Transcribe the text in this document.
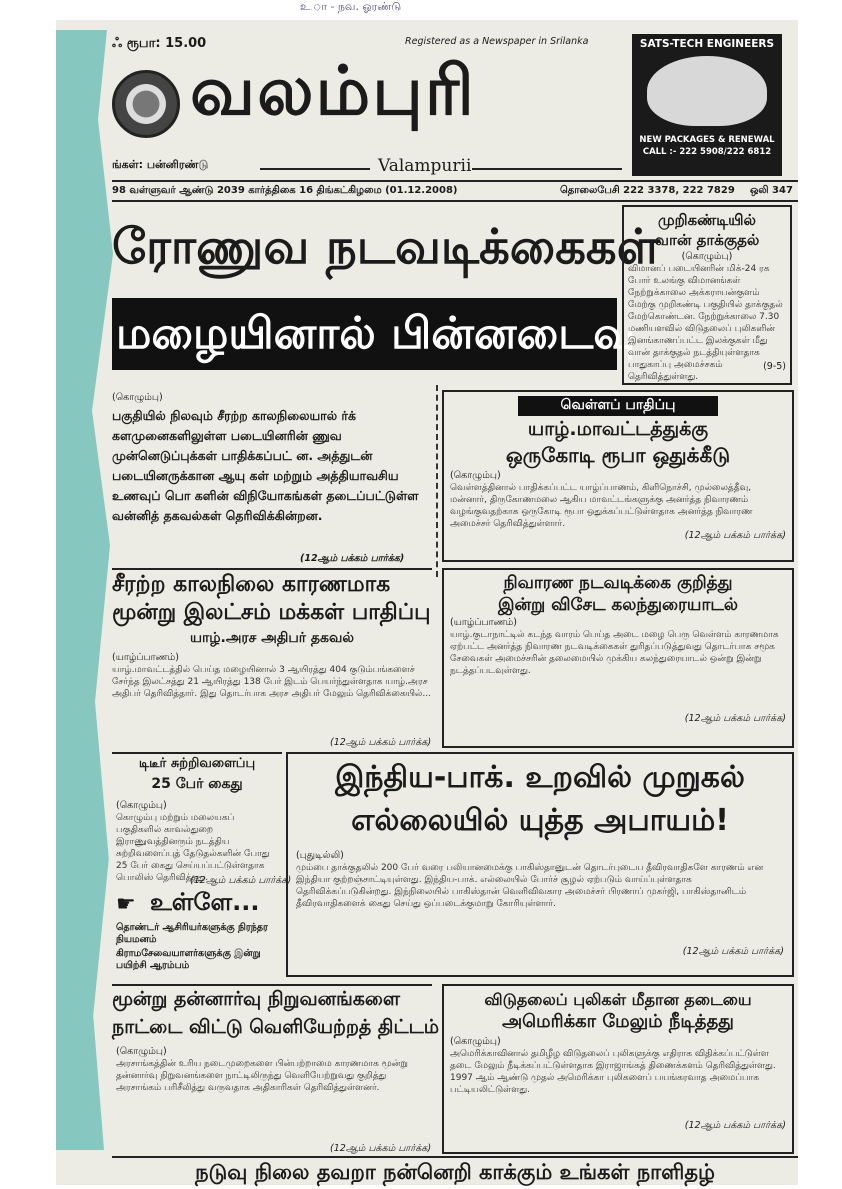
உ.ா - நவ. ஓரண்டு
ஃ ரூபா: 15.00	Registered as a Newspaper in Srilanka
வலம்புரி
ங்கள்: பன்னிரண்டு	Valampurii
SATS-TECH ENGINEERS
NEW PACKAGES & RENEWAL
CALL :- 222 5908/222 6812
98 வள்ளுவர் ஆண்டு 2039 கார்த்திகை 16 திங்கட்கிழமை (01.12.2008)	தொலைபேசி 222 3378, 222 7829 ஒலி 347
ரோணுவ நடவடிக்கைகள்
மழையினால் பின்னடைவு
(கொழும்பு)
பகுதியில் நிலவும் சீரற்ற காலநிலையால் ர்க் களமுனைகளிலுள்ள படையினரின் ணுவ முன்னெடுப்புக்கள் பாதிக்கப்பட் ன. அத்துடன் படையினருக்கான ஆயு கள் மற்றும் அத்தியாவசிய உணவுப் பொ களின் விநியோகங்கள் தடைப்பட்டுள்ள வன்னித் தகவல்கள் தெரிவிக்கின்றன.
(12ஆம் பக்கம் பார்க்க)
முறிகண்டியில்
வான் தாக்குதல்
(கொழும்பு)
விமானப் படையினரின் மிக்-24 ரக போர் உலங்கு விமானங்கள் நேற்றுக்காலை அக்கராயன்குளம் மேற்கு முறிகண்டி பகுதியில் தாக்குதல் மேற்கொண்டன. நேற்றுக்காலை 7.30 மணியளவில் விடுதலைப் புலிகளின் இனங்காணப்பட்ட இலக்குகள் மீது வான் தாக்குதல் நடத்தியுள்ளதாக பாதுகாப்பு அமைச்சகம் தெரிவித்துள்ளது.
(9-5)
வெள்ளப் பாதிப்பு
யாழ்.மாவட்டத்துக்கு
ஒருகோடி ரூபா ஒதுக்கீடு
(கொழும்பு)
வெள்ளத்தினால் பாதிக்கப்பட்ட யாழ்ப்பாணம், கிளிநொச்சி, முல்லைத்தீவு, மன்னார், திருகோணமலை ஆகிய மாவட்டங்களுக்கு அனர்த்த நிவாரணம் வழங்குவதற்காக ஒருகோடி ரூபா ஒதுக்கப்பட்டுள்ளதாக அனர்த்த நிவாரண அமைச்சர் தெரிவித்துள்ளார்.
(12ஆம் பக்கம் பார்க்க)
சீரற்ற காலநிலை காரணமாக
மூன்று இலட்சம் மக்கள் பாதிப்பு
யாழ்.அரச அதிபர் தகவல்
(யாழ்ப்பாணம்)
யாழ்.மாவட்டத்தில் பெய்த மழையினால் 3 ஆயிரத்து 404 குடும்பங்களைச் சேர்ந்த இலட்சத்து 21 ஆயிரத்து 138 பேர் இடம் பெயர்ந்துள்ளதாக யாழ்.அரச அதிபர் தெரிவித்தார். இது தொடர்பாக அரச அதிபர் மேலும் தெரிவிக்கையில்...
(12ஆம் பக்கம் பார்க்க)
நிவாரண நடவடிக்கை குறித்து
இன்று விசேட கலந்துரையாடல்
(யாழ்ப்பாணம்)
யாழ்.குடாநாட்டில் கடந்த வாரம் பெய்த அடை மழை பெரு வெள்ளம் காரணமாக ஏற்பட்ட அனர்த்த நிவாரண நடவடிக்கைகள் துரிதப்படுத்துவது தொடர்பாக சமூக சேவைகள் அமைச்சரின் தலைமையில் முக்கிய கலந்துரையாடல் ஒன்று இன்று நடத்தப்படவுள்ளது.
(12ஆம் பக்கம் பார்க்க)
டிடீர் சுற்றிவளைப்பு
25 பேர் கைது
(கொழும்பு)
கொழும்பு மற்றும் மலையகப் பகுதிகளில் காவல்துறை இராணுவத்தினரும் நடத்திய சுற்றிவளைப்புத் தேடுதல்களின் போது 25 பேர் கைது செய்யப்பட்டுள்ளதாக பொலிஸ் தெரிவித்தது.
(12ஆம் பக்கம் பார்க்க)
☛ உள்ளே...
தொண்டர் ஆசிரியர்களுக்கு நிரந்தர நியமனம்
கிராமசேவையாளர்களுக்கு இன்று பயிற்சி ஆரம்பம்
இந்திய-பாக். உறவில் முறுகல்
எல்லையில் யுத்த அபாயம்!
(புதுடில்லி)
மும்பை தாக்குதலில் 200 பேர் வரை பலியானமைக்கு பாகிஸ்தானுடன் தொடர்புடைய தீவிரவாதிகளே காரணம் என இந்தியா குற்றஞ்சாட்டியுள்ளது. இந்திய-பாக். எல்லையில் போர்ச் சூழல் ஏற்படும் வாய்ப்புள்ளதாக தெரிவிக்கப்படுகின்றது. இந்நிலையில் பாகிஸ்தான் வெளிவிவகார அமைச்சர் பிரணாப் முகர்ஜி, பாகிஸ்தானிடம் தீவிரவாதிகளைக் கைது செய்து ஒப்படைக்குமாறு கோரியுள்ளார்.
(12ஆம் பக்கம் பார்க்க)
மூன்று தன்னார்வு நிறுவனங்களை
நாட்டை விட்டு வெளியேற்றத் திட்டம்
(கொழும்பு)
அரசாங்கத்தின் உரிய நடைமுறைகளை பின்பற்றாமை காரணமாக மூன்று தன்னார்வு நிறுவனங்களை நாட்டிலிருந்து வெளியேற்றுவது குறித்து அரசாங்கம் பரிசீலித்து வருவதாக அதிகாரிகள் தெரிவித்துள்ளனர்.
(12ஆம் பக்கம் பார்க்க)
விடுதலைப் புலிகள் மீதான தடையை
அமெரிக்கா மேலும் நீடித்தது
(கொழும்பு)
அமெரிக்காவினால் தமிழீழ விடுதலைப் புலிகளுக்கு எதிராக விதிக்கப்பட்டுள்ள தடை மேலும் நீடிக்கப்பட்டுள்ளதாக இராஜாங்கத் திணைக்களம் தெரிவித்துள்ளது. 1997 ஆம் ஆண்டு முதல் அமெரிக்கா புலிகளைப் பயங்கரவாத அமைப்பாக பட்டியலிட்டுள்ளது.
(12ஆம் பக்கம் பார்க்க)
நடுவு நிலை தவறா நன்னெறி காக்கும் உங்கள் நாளிதழ்
